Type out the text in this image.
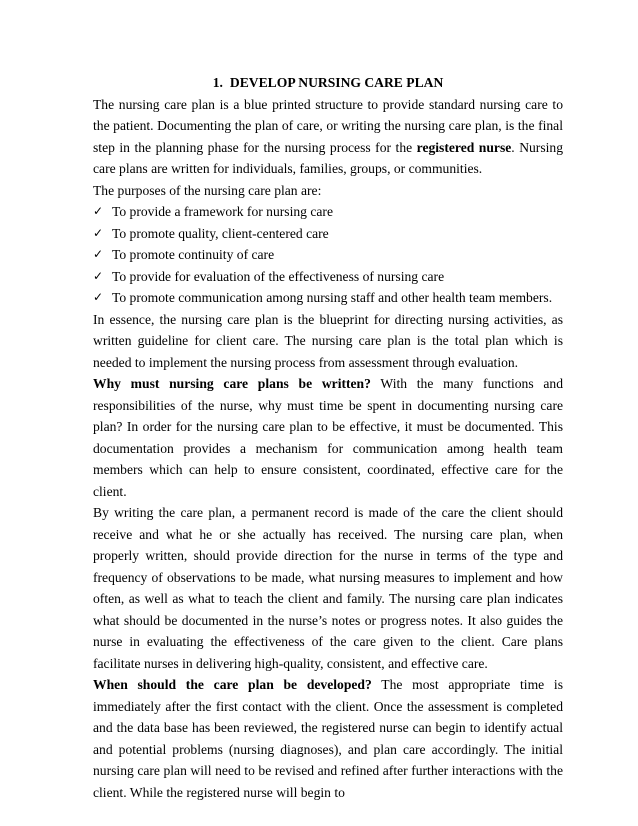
1. DEVELOP NURSING CARE PLAN

The nursing care plan is a blue printed structure to provide standard nursing care to the patient. Documenting the plan of care, or writing the nursing care plan, is the final step in the planning phase for the nursing process for the registered nurse. Nursing care plans are written for individuals, families, groups, or communities.

The purposes of the nursing care plan are:

✓ To provide a framework for nursing care
✓ To promote quality, client-centered care
✓ To promote continuity of care
✓ To provide for evaluation of the effectiveness of nursing care
✓ To promote communication among nursing staff and other health team members.

In essence, the nursing care plan is the blueprint for directing nursing activities, as written guideline for client care. The nursing care plan is the total plan which is needed to implement the nursing process from assessment through evaluation.

Why must nursing care plans be written? With the many functions and responsibilities of the nurse, why must time be spent in documenting nursing care plan? In order for the nursing care plan to be effective, it must be documented. This documentation provides a mechanism for communication among health team members which can help to ensure consistent, coordinated, effective care for the client.

By writing the care plan, a permanent record is made of the care the client should receive and what he or she actually has received. The nursing care plan, when properly written, should provide direction for the nurse in terms of the type and frequency of observations to be made, what nursing measures to implement and how often, as well as what to teach the client and family. The nursing care plan indicates what should be documented in the nurse’s notes or progress notes. It also guides the nurse in evaluating the effectiveness of the care given to the client. Care plans facilitate nurses in delivering high-quality, consistent, and effective care.

When should the care plan be developed? The most appropriate time is immediately after the first contact with the client. Once the assessment is completed and the data base has been reviewed, the registered nurse can begin to identify actual and potential problems (nursing diagnoses), and plan care accordingly. The initial nursing care plan will need to be revised and refined after further interactions with the client. While the registered nurse will begin to
